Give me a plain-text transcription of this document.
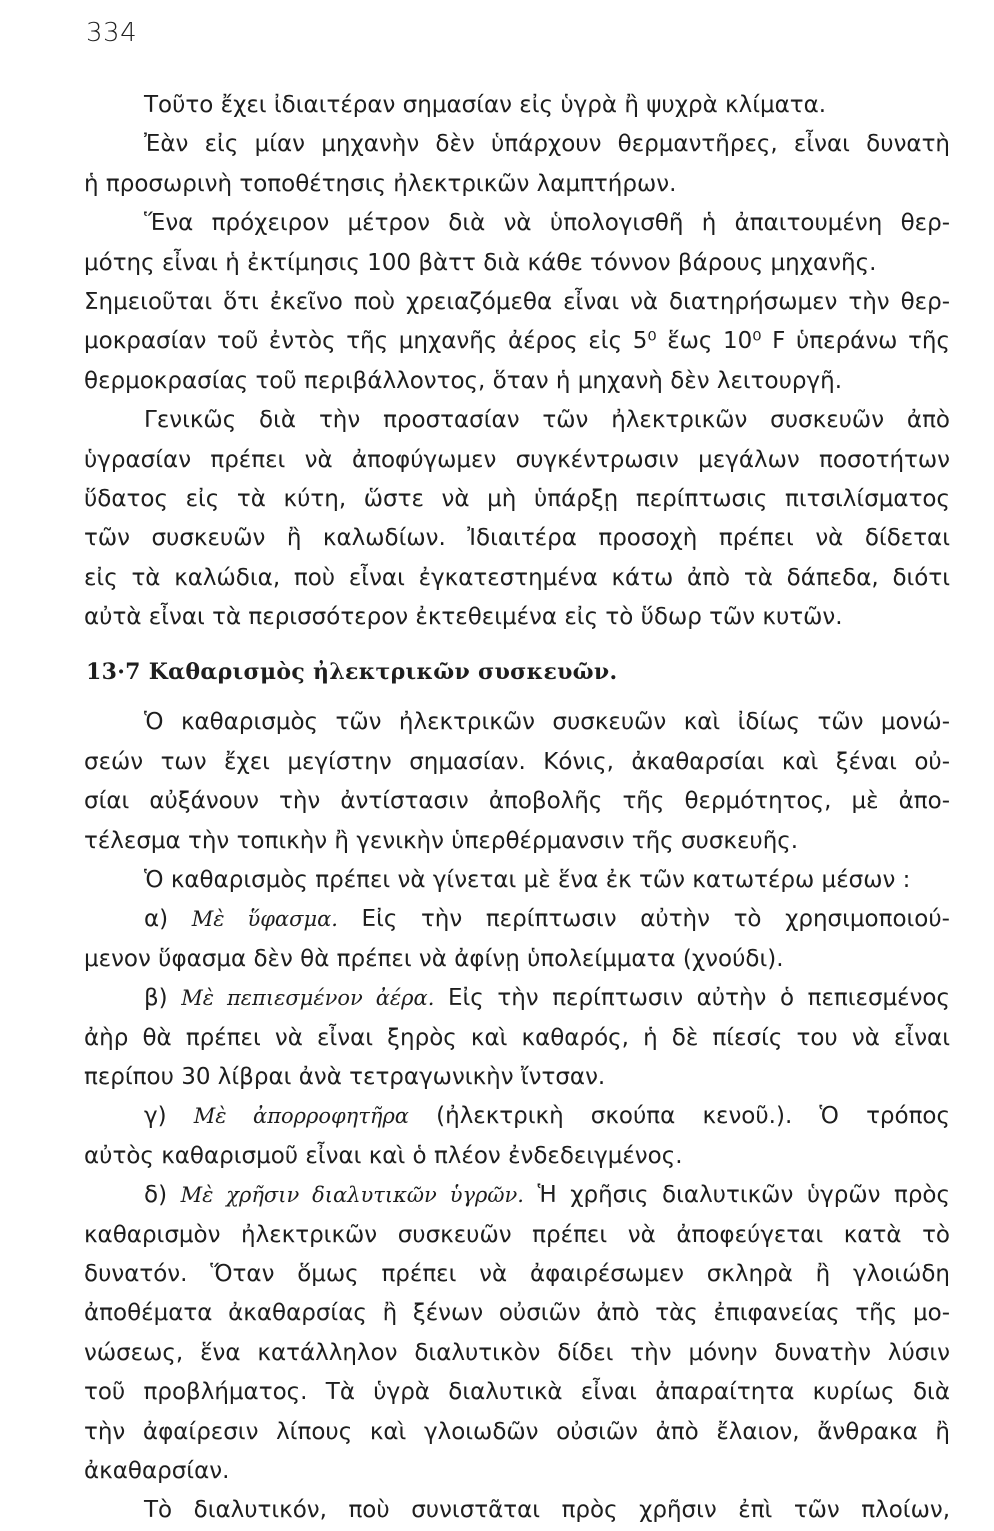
334
Τοῦτο ἔχει ἰδιαιτέραν σημασίαν εἰς ὑγρὰ ἢ ψυχρὰ κλίματα.
Ἐὰν εἰς μίαν μηχανὴν δὲν ὑπάρχουν θερμαντῆρες, εἶναι δυνατὴ
ἡ προσωρινὴ τοποθέτησις ἠλεκτρικῶν λαμπτήρων.
Ἕνα πρόχειρον μέτρον διὰ νὰ ὑπολογισθῆ ἡ ἀπαιτουμένη θερ-
μότης εἶναι ἡ ἐκτίμησις 100 βὰττ διὰ κάθε τόννον βάρους μηχανῆς.
Σημειοῦται ὅτι ἐκεῖνο ποὺ χρειαζόμεθα εἶναι νὰ διατηρήσωμεν τὴν θερ-
μοκρασίαν τοῦ ἐντὸς τῆς μηχανῆς ἀέρος εἰς 5⁰ ἕως 10⁰ F ὑπεράνω τῆς
θερμοκρασίας τοῦ περιβάλλοντος, ὅταν ἡ μηχανὴ δὲν λειτουργῆ.
Γενικῶς διὰ τὴν προστασίαν τῶν ἠλεκτρικῶν συσκευῶν ἀπὸ
ὑγρασίαν πρέπει νὰ ἀποφύγωμεν συγκέντρωσιν μεγάλων ποσοτήτων
ὕδατος εἰς τὰ κύτη, ὥστε νὰ μὴ ὑπάρξῃ περίπτωσις πιτσιλίσματος
τῶν συσκευῶν ἢ καλωδίων. Ἰδιαιτέρα προσοχὴ πρέπει νὰ δίδεται
εἰς τὰ καλώδια, ποὺ εἶναι ἐγκατεστημένα κάτω ἀπὸ τὰ δάπεδα, διότι
αὐτὰ εἶναι τὰ περισσότερον ἐκτεθειμένα εἰς τὸ ὕδωρ τῶν κυτῶν.
13·7 Καθαρισμὸς ἠλεκτρικῶν συσκευῶν.
Ὁ καθαρισμὸς τῶν ἠλεκτρικῶν συσκευῶν καὶ ἰδίως τῶν μονώ-
σεών των ἔχει μεγίστην σημασίαν. Κόνις, ἀκαθαρσίαι καὶ ξέναι οὐ-
σίαι αὐξάνουν τὴν ἀντίστασιν ἀποβολῆς τῆς θερμότητος, μὲ ἀπο-
τέλεσμα τὴν τοπικὴν ἢ γενικὴν ὑπερθέρμανσιν τῆς συσκευῆς.
Ὁ καθαρισμὸς πρέπει νὰ γίνεται μὲ ἕνα ἐκ τῶν κατωτέρω μέσων :
α) Μὲ ὕφασμα. Εἰς τὴν περίπτωσιν αὐτὴν τὸ χρησιμοποιού-
μενον ὕφασμα δὲν θὰ πρέπει νὰ ἀφίνῃ ὑπολείμματα (χνούδι).
β) Μὲ πεπιεσμένον ἀέρα. Εἰς τὴν περίπτωσιν αὐτὴν ὁ πεπιεσμένος
ἀὴρ θὰ πρέπει νὰ εἶναι ξηρὸς καὶ καθαρός, ἡ δὲ πίεσίς του νὰ εἶναι
περίπου 30 λίβραι ἀνὰ τετραγωνικὴν ἴντσαν.
γ) Μὲ ἀπορροφητῆρα (ἠλεκτρικὴ σκούπα κενοῦ.). Ὁ τρόπος
αὐτὸς καθαρισμοῦ εἶναι καὶ ὁ πλέον ἐνδεδειγμένος.
δ) Μὲ χρῆσιν διαλυτικῶν ὑγρῶν. Ἡ χρῆσις διαλυτικῶν ὑγρῶν πρὸς
καθαρισμὸν ἠλεκτρικῶν συσκευῶν πρέπει νὰ ἀποφεύγεται κατὰ τὸ
δυνατόν. Ὅταν ὅμως πρέπει νὰ ἀφαιρέσωμεν σκληρὰ ἢ γλοιώδη
ἀποθέματα ἀκαθαρσίας ἢ ξένων οὐσιῶν ἀπὸ τὰς ἐπιφανείας τῆς μο-
νώσεως, ἕνα κατάλληλον διαλυτικὸν δίδει τὴν μόνην δυνατὴν λύσιν
τοῦ προβλήματος. Τὰ ὑγρὰ διαλυτικὰ εἶναι ἀπαραίτητα κυρίως διὰ
τὴν ἀφαίρεσιν λίπους καὶ γλοιωδῶν οὐσιῶν ἀπὸ ἔλαιον, ἄνθρακα ἢ
ἀκαθαρσίαν.
Τὸ διαλυτικόν, ποὺ συνιστᾶται πρὸς χρῆσιν ἐπὶ τῶν πλοίων,
